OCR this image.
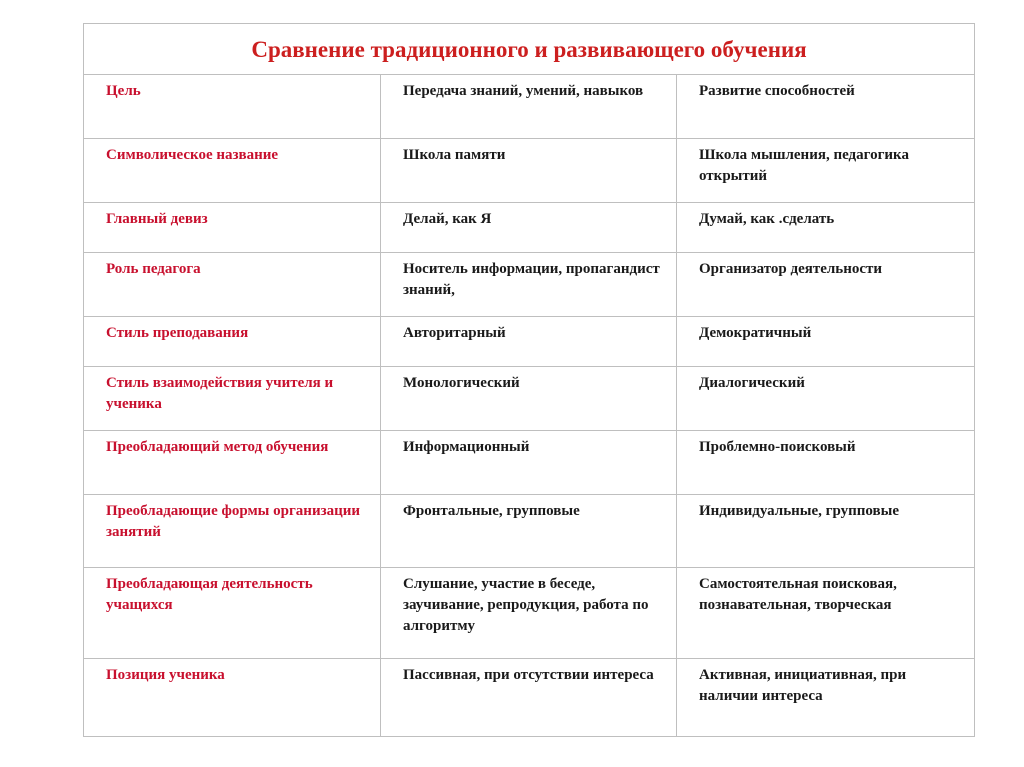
Сравнение традиционного и развивающего обучения		
Цель	Передача знаний, умений, навыков	Развитие способностей
Символическое название	Школа памяти	Школа мышления, педагогика открытий
Главный девиз	Делай, как Я	Думай, как .сделать
Роль педагога	Носитель информации, пропагандист знаний,	Организатор деятельности
Стиль преподавания	Авторитарный	Демократичный
Стиль взаимодействия учителя и ученика	Монологический	Диалогический
Преобладающий метод обучения	Информационный	Проблемно-поисковый
Преобладающие формы организации занятий	Фронтальные, групповые	Индивидуальные, групповые
Преобладающая деятельность учащихся	Слушание, участие в беседе, заучивание, репродукция, работа по алгоритму	Самостоятельная поисковая, познавательная, творческая
Позиция ученика	Пассивная, при отсутствии интереса	Активная, инициативная, при наличии интереса
